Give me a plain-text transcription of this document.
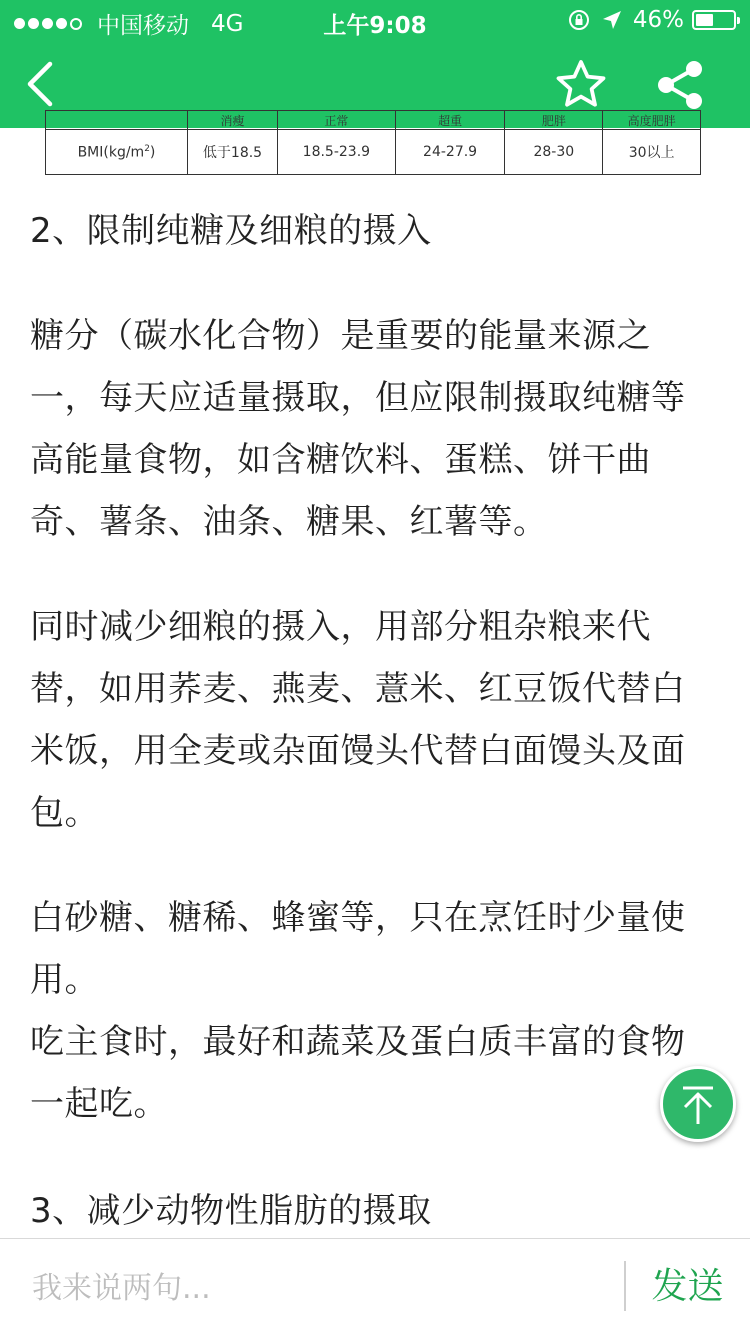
中国移动 4G	上午9:08	46%
	消瘦	正常	超重	肥胖	高度肥胖
$BMI(kg/m^2)$	低于18.5	18.5-23.9	24-27.9	28-30	30以上
2、限制纯糖及细粮的摄入
糖分（碳水化合物）是重要的能量来源之
一，每天应适量摄取，但应限制摄取纯糖等
高能量食物，如含糖饮料、蛋糕、饼干曲
奇、薯条、油条、糖果、红薯等。
同时减少细粮的摄入，用部分粗杂粮来代
替，如用荞麦、燕麦、薏米、红豆饭代替白
米饭，用全麦或杂面馒头代替白面馒头及面
包。
白砂糖、糖稀、蜂蜜等，只在烹饪时少量使
用。
吃主食时，最好和蔬菜及蛋白质丰富的食物
一起吃。
3、减少动物性脂肪的摄取
我来说两句...
发送
